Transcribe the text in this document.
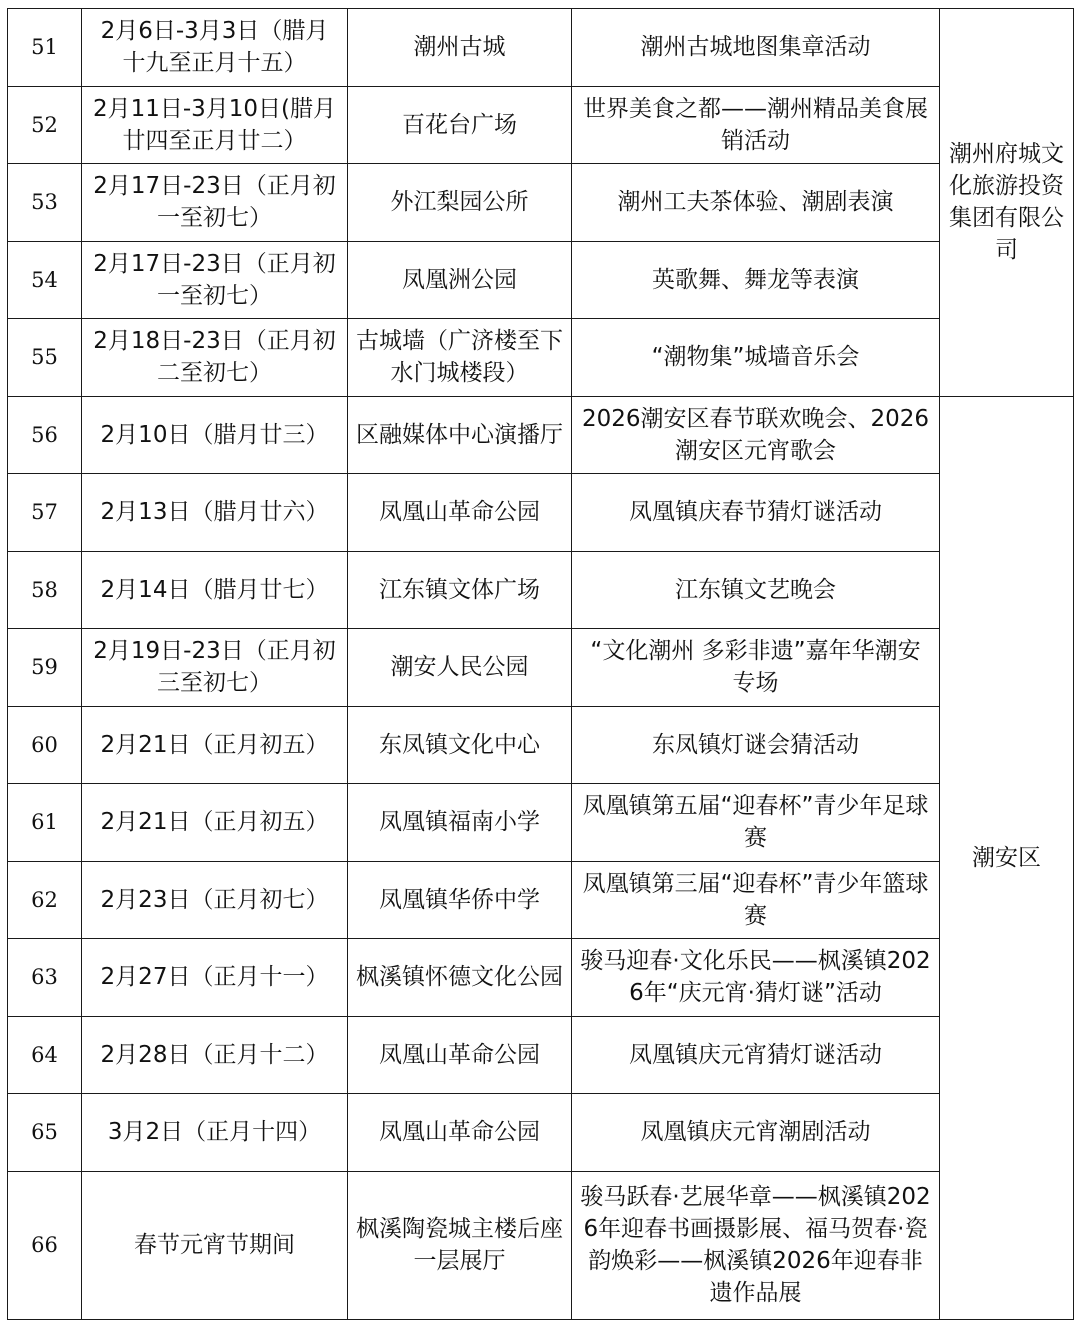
51	2月6日-3月3日（腊月十九至正月十五）	潮州古城	潮州古城地图集章活动	潮州府城文化旅游投资集团有限公司
52	2月11日-3月10日(腊月廿四至正月廿二）	百花台广场	世界美食之都——潮州精品美食展销活动	
53	2月17日-23日（正月初一至初七）	外江梨园公所	潮州工夫茶体验、潮剧表演	
54	2月17日-23日（正月初一至初七）	凤凰洲公园	英歌舞、舞龙等表演	
55	2月18日-23日（正月初二至初七）	古城墙（广济楼至下水门城楼段）	“潮物集”城墙音乐会	
56	2月10日（腊月廿三）	区融媒体中心演播厅	2026潮安区春节联欢晚会、2026潮安区元宵歌会	潮安区
57	2月13日（腊月廿六）	凤凰山革命公园	凤凰镇庆春节猜灯谜活动	
58	2月14日（腊月廿七）	江东镇文体广场	江东镇文艺晚会	
59	2月19日-23日（正月初三至初七）	潮安人民公园	“文化潮州 多彩非遗”嘉年华潮安专场	
60	2月21日（正月初五）	东凤镇文化中心	东凤镇灯谜会猜活动	
61	2月21日（正月初五）	凤凰镇福南小学	凤凰镇第五届“迎春杯”青少年足球赛	
62	2月23日（正月初七）	凤凰镇华侨中学	凤凰镇第三届“迎春杯”青少年篮球赛	
63	2月27日（正月十一）	枫溪镇怀德文化公园	骏马迎春·文化乐民——枫溪镇2026年“庆元宵·猜灯谜”活动	
64	2月28日（正月十二）	凤凰山革命公园	凤凰镇庆元宵猜灯谜活动	
65	3月2日（正月十四）	凤凰山革命公园	凤凰镇庆元宵潮剧活动	
66	春节元宵节期间	枫溪陶瓷城主楼后座一层展厅	骏马跃春·艺展华章——枫溪镇2026年迎春书画摄影展、福马贺春·瓷韵焕彩——枫溪镇2026年迎春非遗作品展	
